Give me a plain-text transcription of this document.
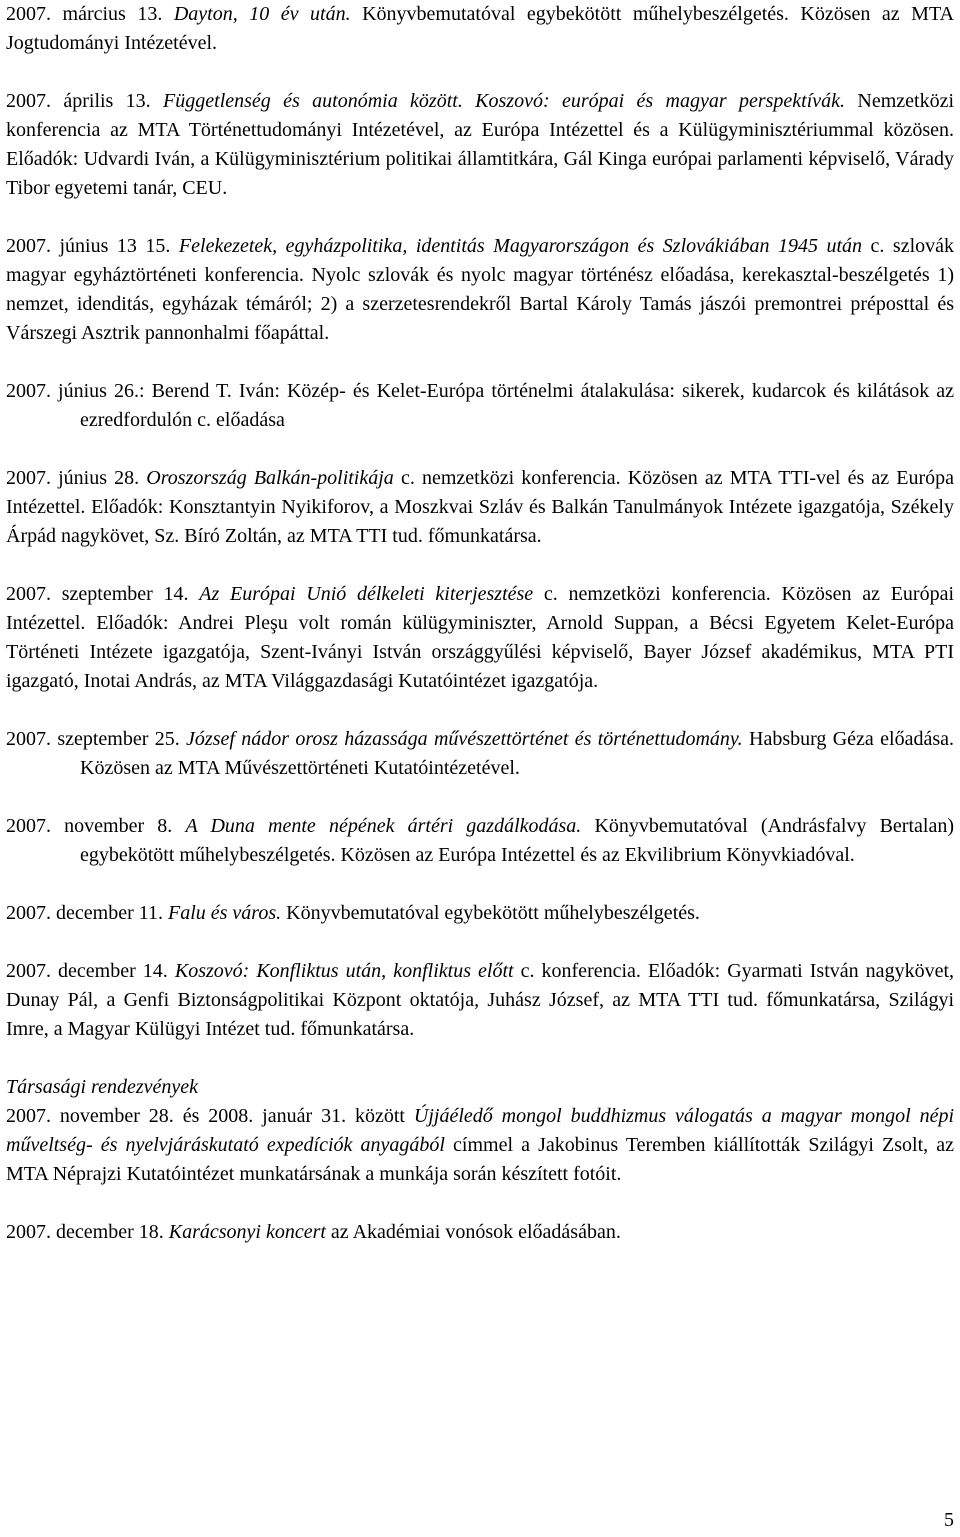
2007. március 13. Dayton, 10 év után. Könyvbemutatóval egybekötött műhelybeszélgetés. Közösen az MTA Jogtudományi Intézetével.

2007. április 13. Függetlenség és autonómia között. Koszovó: európai és magyar perspektívák. Nemzetközi konferencia az MTA Történettudományi Intézetével, az Európa Intézettel és a Külügyminisztériummal közösen. Előadók: Udvardi Iván, a Külügyminisztérium politikai államtitkára, Gál Kinga európai parlamenti képviselő, Várady Tibor egyetemi tanár, CEU.

2007. június 13 15. Felekezetek, egyházpolitika, identitás Magyarországon és Szlovákiában 1945 után c. szlovák magyar egyháztörténeti konferencia. Nyolc szlovák és nyolc magyar történész előadása, kerekasztal-beszélgetés 1) nemzet, idenditás, egyházak témáról; 2) a szerzetesrendekről Bartal Károly Tamás jászói premontrei préposttal és Várszegi Asztrik pannonhalmi főapáttal.

2007. június 26.: Berend T. Iván: Közép- és Kelet-Európa történelmi átalakulása: sikerek, kudarcok és kilátások az ezredfordulón c. előadása

2007. június 28. Oroszország Balkán-politikája c. nemzetközi konferencia. Közösen az MTA TTI-vel és az Európa Intézettel. Előadók: Konsztantyin Nyikiforov, a Moszkvai Szláv és Balkán Tanulmányok Intézete igazgatója, Székely Árpád nagykövet, Sz. Bíró Zoltán, az MTA TTI tud. főmunkatársa.

2007. szeptember 14. Az Európai Unió délkeleti kiterjesztése c. nemzetközi konferencia. Közösen az Európai Intézettel. Előadók: Andrei Pleşu volt román külügyminiszter, Arnold Suppan, a Bécsi Egyetem Kelet-Európa Történeti Intézete igazgatója, Szent-Iványi István országgyűlési képviselő, Bayer József akadémikus, MTA PTI igazgató, Inotai András, az MTA Világgazdasági Kutatóintézet igazgatója.

2007. szeptember 25. József nádor orosz házassága művészettörténet és történettudomány. Habsburg Géza előadása. Közösen az MTA Művészettörténeti Kutatóintézetével.

2007. november 8. A Duna mente népének ártéri gazdálkodása. Könyvbemutatóval (Andrásfalvy Bertalan) egybekötött műhelybeszélgetés. Közösen az Európa Intézettel és az Ekvilibrium Könyvkiadóval.

2007. december 11. Falu és város. Könyvbemutatóval egybekötött műhelybeszélgetés.

2007. december 14. Koszovó: Konfliktus után, konfliktus előtt c. konferencia. Előadók: Gyarmati István nagykövet, Dunay Pál, a Genfi Biztonságpolitikai Központ oktatója, Juhász József, az MTA TTI tud. főmunkatársa, Szilágyi Imre, a Magyar Külügyi Intézet tud. főmunkatársa.

Társasági rendezvények

2007. november 28. és 2008. január 31. között Újjáéledő mongol buddhizmus válogatás a magyar mongol népi műveltség- és nyelvjáráskutató expedíciók anyagából címmel a Jakobinus Teremben kiállították Szilágyi Zsolt, az MTA Néprajzi Kutatóintézet munkatársának a munkája során készített fotóit.

2007. december 18. Karácsonyi koncert az Akadémiai vonósok előadásában.

5
